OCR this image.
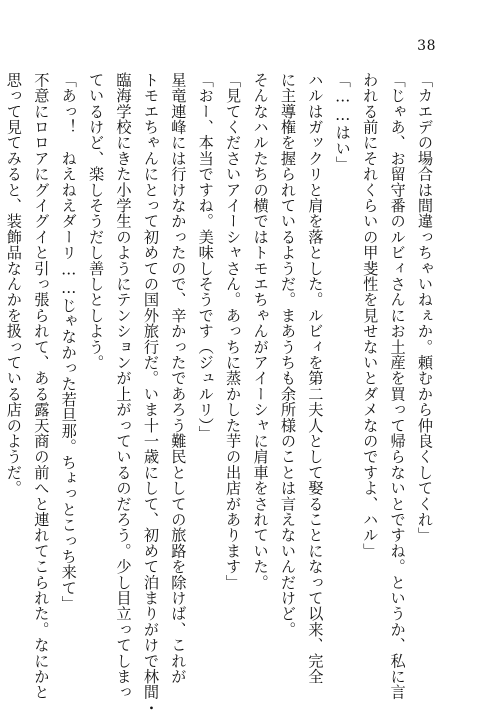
38
「カエデの場合は間違っちゃいねぇか。頼むから仲良くしてくれ」
「じゃあ、お留守番のルビィさんにお土産を買って帰らないとですね。というか、私に言
われる前にそれくらいの甲斐性を見せないとダメなのですよ、ハル」
「……はい」
ハルはガックリと肩を落とした。ルビィを第二夫人として娶ることになって以来、完全
に主導権を握られているようだ。まあうちも余所様のことは言えないんだけど。
そんなハルたちの横ではトモエちゃんがアイーシャに肩車をされていた。
「見てくださいアイーシャさん。あっちに蒸かした芋の出店があります」
「おー、本当ですね。美味しそうです（ジュルリ）」
星竜連峰には行けなかったので、辛かったであろう難民としての旅路を除けば、これが
トモエちゃんにとって初めての国外旅行だ。いま十一歳にして、初めて泊まりがけで林間・
臨海学校にきた小学生のようにテンションが上がっているのだろう。少し目立ってしまっ
ているけど、楽しそうだし善しとしよう。
「あっ！　ねえねえダーリ……じゃなかった若旦那。ちょっとこっち来て」
不意にロロアにグイグイと引っ張られて、ある露天商の前へと連れてこられた。なにかと
思って見てみると、装飾品なんかを扱っている店のようだ。
